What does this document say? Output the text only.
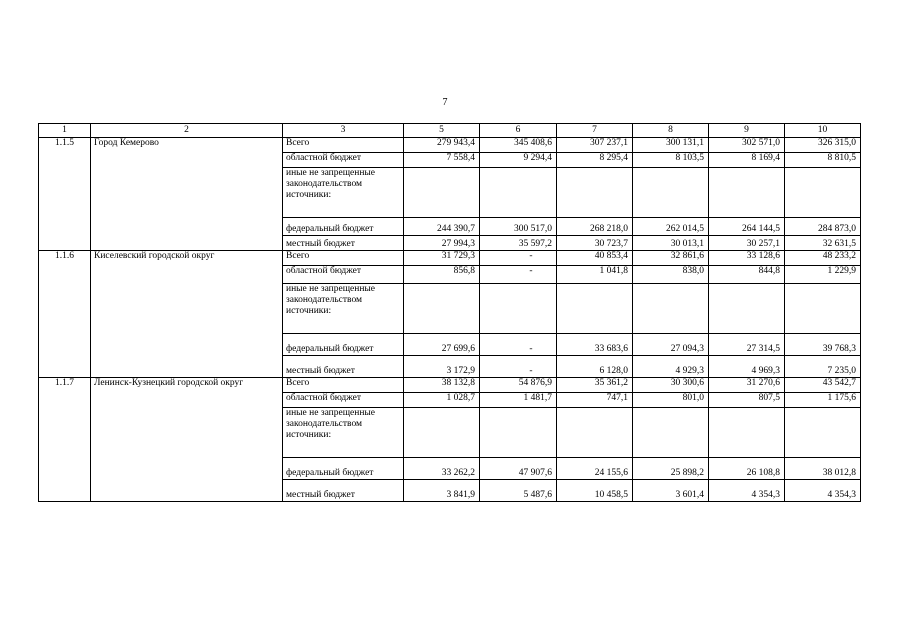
7
1	2	3	5	6	7	8	9	10
1.1.5	Город Кемерово	Всего	279 943,4	345 408,6	307 237,1	300 131,1	302 571,0	326 315,0
		областной бюджет	7 558,4	9 294,4	8 295,4	8 103,5	8 169,4	8 810,5
		иные не запрещенные законодательством источники:						
		федеральный бюджет	244 390,7	300 517,0	268 218,0	262 014,5	264 144,5	284 873,0
		местный бюджет	27 994,3	35 597,2	30 723,7	30 013,1	30 257,1	32 631,5
1.1.6	Киселевский городской округ	Всего	31 729,3	-	40 853,4	32 861,6	33 128,6	48 233,2
		областной бюджет	856,8	-	1 041,8	838,0	844,8	1 229,9
		иные не запрещенные законодательством источники:						
		федеральный бюджет	27 699,6	-	33 683,6	27 094,3	27 314,5	39 768,3
		местный бюджет	3 172,9	-	6 128,0	4 929,3	4 969,3	7 235,0
1.1.7	Ленинск-Кузнецкий городской округ	Всего	38 132,8	54 876,9	35 361,2	30 300,6	31 270,6	43 542,7
		областной бюджет	1 028,7	1 481,7	747,1	801,0	807,5	1 175,6
		иные не запрещенные законодательством источники:						
		федеральный бюджет	33 262,2	47 907,6	24 155,6	25 898,2	26 108,8	38 012,8
		местный бюджет	3 841,9	5 487,6	10 458,5	3 601,4	4 354,3	4 354,3
